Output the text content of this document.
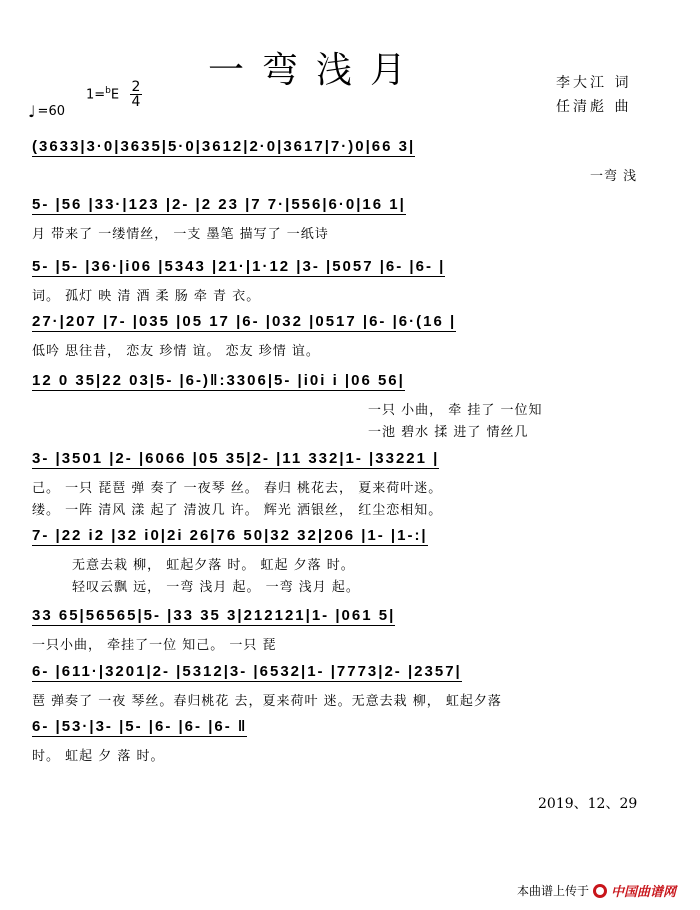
一弯浅月	李大江 词
任清彪 曲
$1=^bE \frac{2}{4}$
♩ =60
(3633|3·0|3635|5·0|3612|2·0|3617|7·)0|66 3|
一弯 浅
5- |56 |33·|123 |2- |2 23 |7 7·|556|6·0|16 1|
月 带来了 一缕情丝， 一支 墨笔 描写了 一纸诗
5- |5- |36·|i06 |5343 |21·|1·12 |3- |5057 |6- |6- |
词。 孤灯 映 清 酒 柔 肠 牵 青 衣。
27·|207 |7- |035 |05 17 |6- |032 |0517 |6- |6·(16 |
低吟 思往昔， 恋友 珍情 谊。 恋友 珍情 谊。
12 0 35|22 03|5- |6-)‖:3306|5- |i0i i |06 56|
一只 小曲， 牵 挂了 一位知
一池 碧水 揉 进了 情丝几
3- |3501 |2- |6066 |05 35|2- |11 332|1- |33221 |
己。 一只 琵琶 弹 奏了 一夜琴 丝。 春归 桃花去， 夏来荷叶迷。
缕。 一阵 清风 漾 起了 清波几 许。 辉光 洒银丝， 红尘恋相知。
7- |22 i2 |32 i0|2i 26|76 50|32 32|206 |1- |1-:|
无意去栽 柳， 虹起夕落 时。 虹起 夕落 时。
轻叹云飘 远， 一弯 浅月 起。 一弯 浅月 起。
33 65|56565|5- |33 35 3|212121|1- |061 5|
一只小曲， 牵挂了一位 知己。 一只 琵
6- |611·|3201|2- |5312|3- |6532|1- |7773|2- |2357|
琶 弹奏了 一夜 琴丝。春归桃花 去，夏来荷叶 迷。无意去栽 柳， 虹起夕落
6- |53·|3- |5- |6- |6- |6- ‖
时。 虹起 夕 落 时。
2019、12、29
本曲谱上传于 中国曲谱网
